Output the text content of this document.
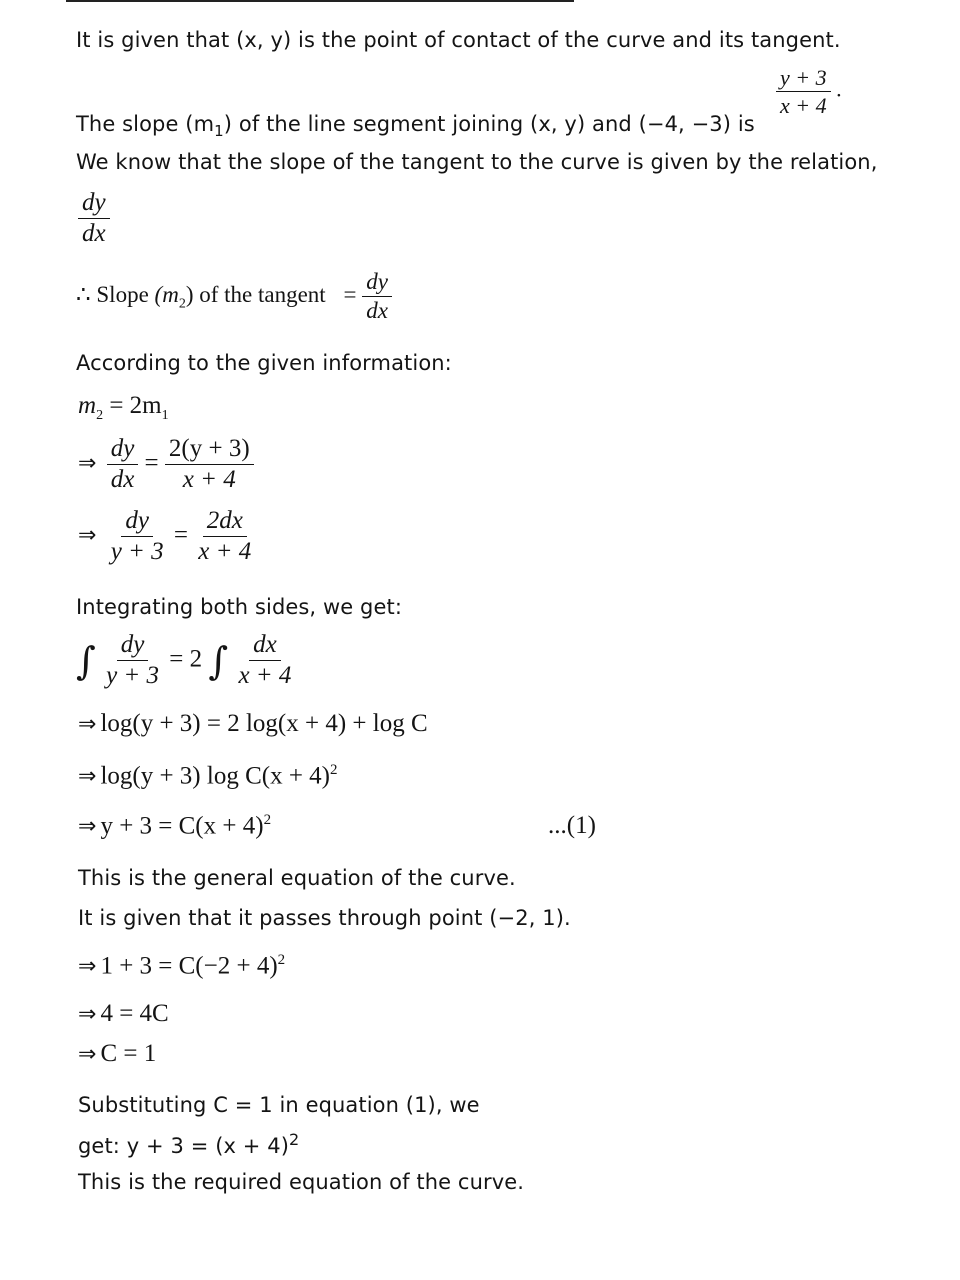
It is given that (x, y) is the point of contact of the curve and its tangent.
$\frac{y + 3}{x + 4}$ .
The slope $(m_1)$ of the line segment joining (x, y) and (−4, −3) is
We know that the slope of the tangent to the curve is given by the relation,
$\frac{dy}{dx}$
∴ Slope $(m_2)$ of the tangent = $\frac{dy}{dx}$
According to the given information:
$m_2 = 2m_1$
⇒ $\frac{dy}{dx} = \frac{2(y + 3)}{x + 4}$
⇒ $\frac{dy}{y + 3} = \frac{2dx}{x + 4}$
Integrating both sides, we get:
∫ $\frac{dy}{y + 3} = 2$ ∫ $\frac{dx}{x + 4}$
⇒ log(y + 3) = 2 log(x + 4) + log C
⇒ log(y + 3) $\log C(x + 4)^2$
⇒ $y + 3 = C(x + 4)^2$	...(1)
This is the general equation of the curve.
It is given that it passes through point (−2, 1).
⇒ $1 + 3 = C(-2 + 4)^2$
⇒ 4 = 4C
⇒ C = 1
Substituting C = 1 in equation (1), we
get: $y + 3 = (x + 4)^2$
This is the required equation of the curve.
